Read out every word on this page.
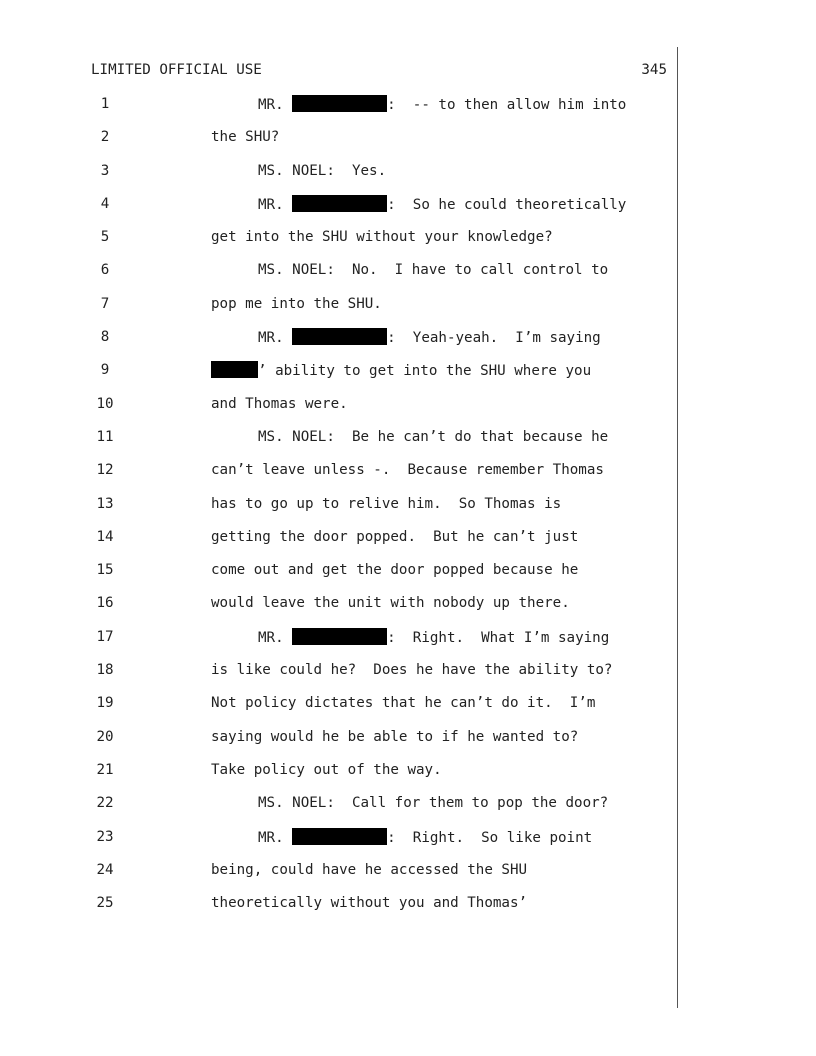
LIMITED OFFICIAL USE	345
1	MR.	:  -- to then allow him into
2	the SHU?
3	MS. NOEL:  Yes.
4	MR.	:  So he could theoretically
5	get into the SHU without your knowledge?
6	MS. NOEL:  No.  I have to call control to
7	pop me into the SHU.
8	MR.	:  Yeah-yeah.  I’m saying
9	’ ability to get into the SHU where you
10	and Thomas were.
11	MS. NOEL:  Be he can’t do that because he
12	can’t leave unless -.  Because remember Thomas
13	has to go up to relive him.  So Thomas is
14	getting the door popped.  But he can’t just
15	come out and get the door popped because he
16	would leave the unit with nobody up there.
17	MR.	:  Right.  What I’m saying
18	is like could he?  Does he have the ability to?
19	Not policy dictates that he can’t do it.  I’m
20	saying would he be able to if he wanted to?
21	Take policy out of the way.
22	MS. NOEL:  Call for them to pop the door?
23	MR.	:  Right.  So like point
24	being, could have he accessed the SHU
25	theoretically without you and Thomas’
